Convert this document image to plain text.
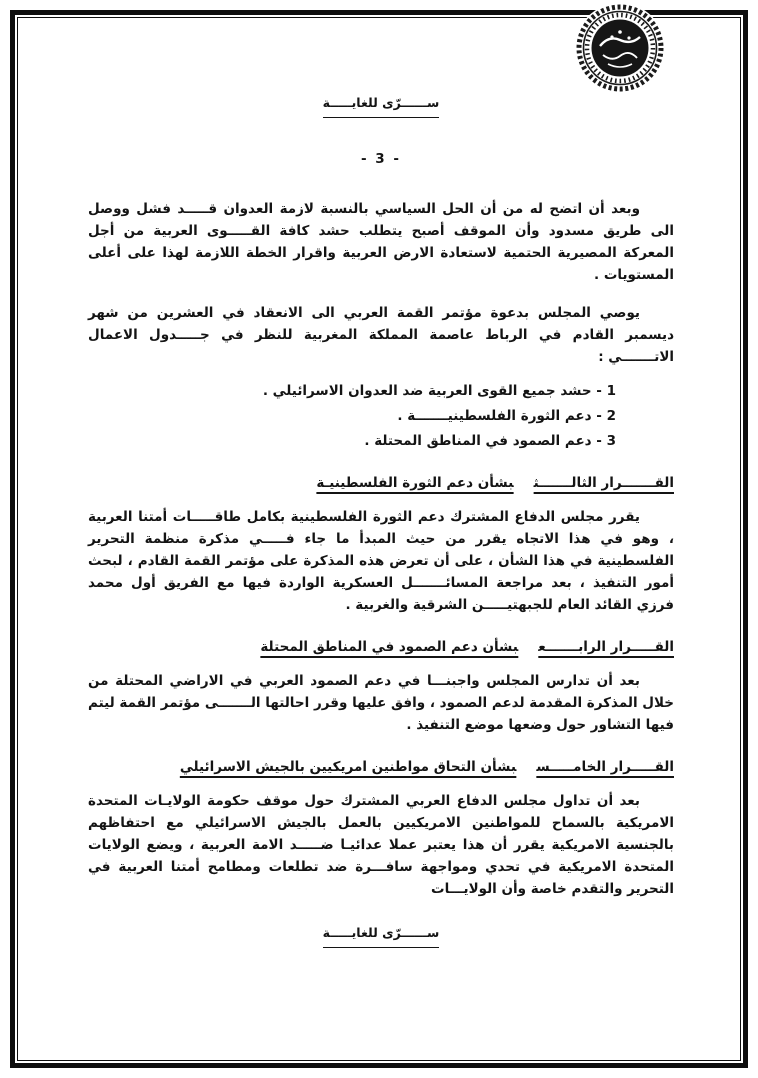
ســــــرّى للغايـــــة
- 3 -

وبعد أن اتضح له من أن الحل السياسي بالنسبة لازمة العدوان قـــــد فشل ووصل الى طريق مسدود وأن الموقف أصبح يتطلب حشد كافة القـــــوى العربية من أجل المعركة المصيرية الحتمية لاستعادة الارض العربية واقرار الخطة اللازمة لهذا على أعلى المستويات .

يوصي المجلس بدعوة مؤتمر القمة العربي الى الانعقاد في العشرين من شهر ديسمبر القادم في الرباط عاصمة المملكة المغربية للنظر في جـــــدول الاعمال الاتـــــــي :

1 - حشد جميع القوى العربية ضد العدوان الاسرائيلي .
2 - دعم الثورة الفلسطينيـــــــة .
3 - دعم الصمود في المناطق المحتلة .
القـــــــرار الثالـــــــثبشأن دعم الثورة الفلسطينيـة

يقرر مجلس الدفاع المشترك دعم الثورة الفلسطينية بكامل طاقـــــات أمتنا العربية ، وهو في هذا الاتجاه يقرر من حيث المبدأ ما جاء فـــــي مذكرة منظمة التحرير الفلسطينية في هذا الشأن ، على أن تعرض هذه المذكرة على مؤتمر القمة القادم ، لبحث أمور التنفيذ ، بعد مراجعة المسائـــــــل العسكرية الواردة فيها مع الفريق أول محمد فرزي القائد العام للجبهتيـــــن الشرقية والغربية .

القـــــرار الرابـــــــعبشأن دعم الصمود في المناطق المحتلة

بعد أن تدارس المجلس واجبنـــا في دعم الصمود العربي في الاراضي المحتلة من خلال المذكرة المقدمة لدعم الصمود ، وافق عليها وقرر احالتها الـــــــى مؤتمر القمة ليتم فيها التشاور حول وضعها موضع التنفيذ .

القـــــرار الخامـــــسبشأن التحاق مواطنين امريكيين بالجيش الاسرائيلي

بعد أن تداول مجلس الدفاع العربي المشترك حول موقف حكومة الولايـات المتحدة الامريكية بالسماح للمواطنين الامريكيين بالعمل بالجيش الاسرائيلي مع احتفاظهم بالجنسية الامريكية يقرر أن هذا يعتبر عملا عدائيـا ضـــــد الامة العربية ، ويضع الولايات المتحدة الامريكية في تحدي ومواجهة سافـــرة ضد تطلعات ومطامح أمتنا العربية في التحرير والتقدم خاصة وأن الولايـــات

ســــــرّى للغايـــــة
